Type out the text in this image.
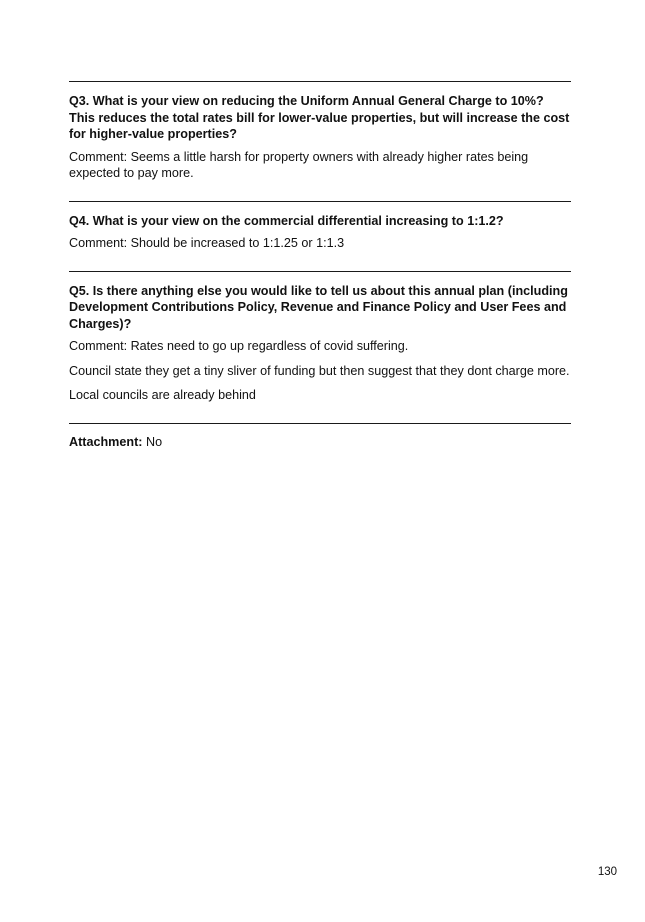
Q3. What is your view on reducing the Uniform Annual General Charge to 10%? This reduces the total rates bill for lower-value properties, but will increase the cost for higher-value properties?

Comment: Seems a little harsh for property owners with already higher rates being expected to pay more.

Q4. What is your view on the commercial differential increasing to 1:1.2?

Comment: Should be increased to 1:1.25 or 1:1.3

Q5. Is there anything else you would like to tell us about this annual plan (including Development Contributions Policy, Revenue and Finance Policy and User Fees and Charges)?

Comment: Rates need to go up regardless of covid suffering.

Council state they get a tiny sliver of funding but then suggest that they dont charge more.

Local councils are already behind

Attachment: No
130
